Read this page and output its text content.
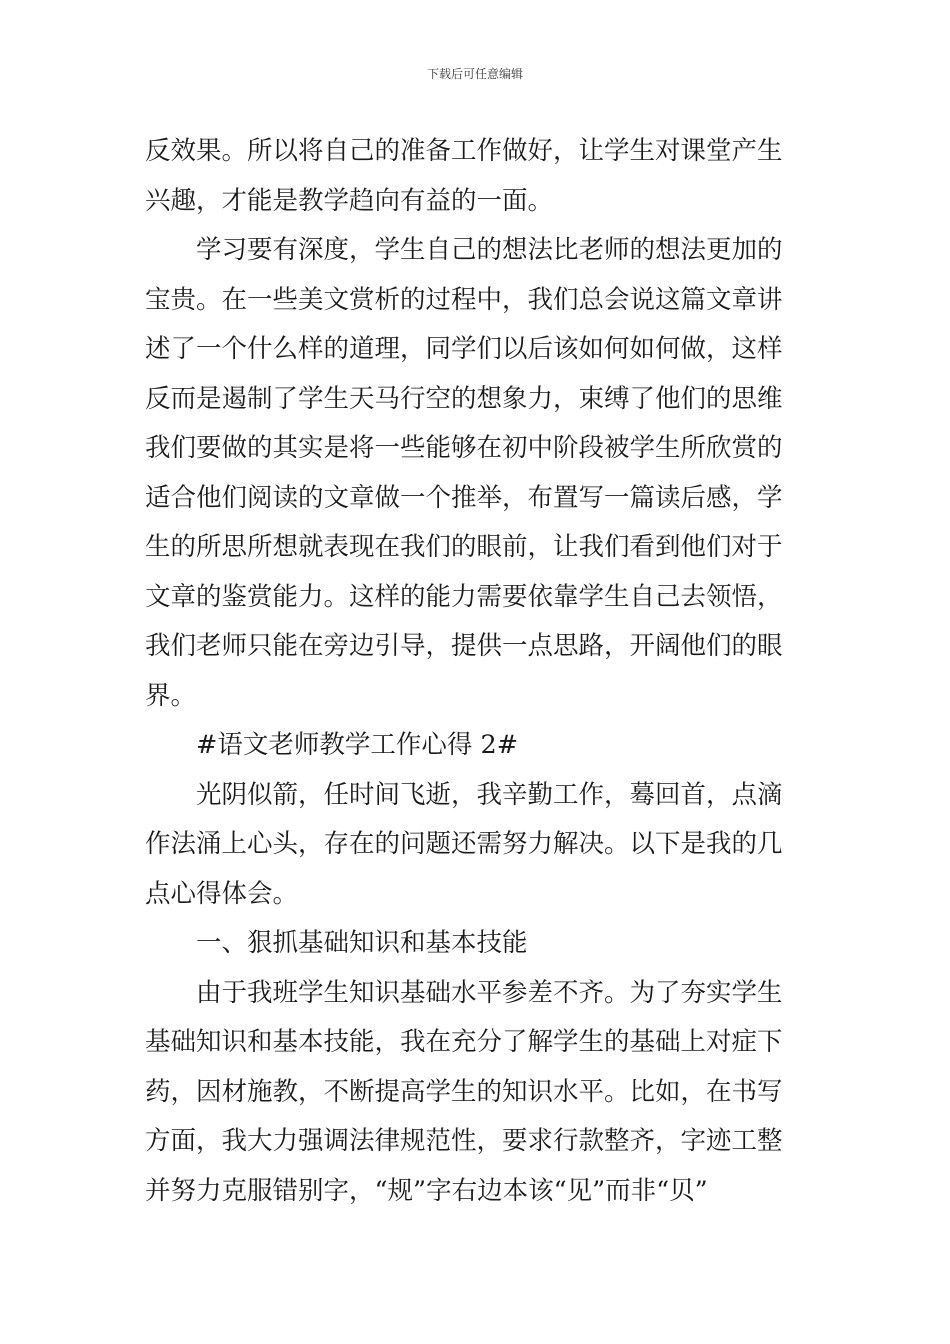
下载后可任意编辑
反效果。所以将自己的准备工作做好，让学生对课堂产生
兴趣，才能是教学趋向有益的一面。
学习要有深度，学生自己的想法比老师的想法更加的
宝贵。在一些美文赏析的过程中，我们总会说这篇文章讲
述了一个什么样的道理，同学们以后该如何如何做，这样
反而是遏制了学生天马行空的想象力，束缚了他们的思维
我们要做的其实是将一些能够在初中阶段被学生所欣赏的
适合他们阅读的文章做一个推举，布置写一篇读后感，学
生的所思所想就表现在我们的眼前，让我们看到他们对于
文章的鉴赏能力。这样的能力需要依靠学生自己去领悟，
我们老师只能在旁边引导，提供一点思路，开阔他们的眼
界。
#语文老师教学工作心得 2#
光阴似箭，任时间飞逝，我辛勤工作，蓦回首，点滴
作法涌上心头，存在的问题还需努力解决。以下是我的几
点心得体会。
一、狠抓基础知识和基本技能
由于我班学生知识基础水平参差不齐。为了夯实学生
基础知识和基本技能，我在充分了解学生的基础上对症下
药，因材施教，不断提高学生的知识水平。比如，在书写
方面，我大力强调法律规范性，要求行款整齐，字迹工整
并努力克服错别字，“规”字右边本该“见”而非“贝”
